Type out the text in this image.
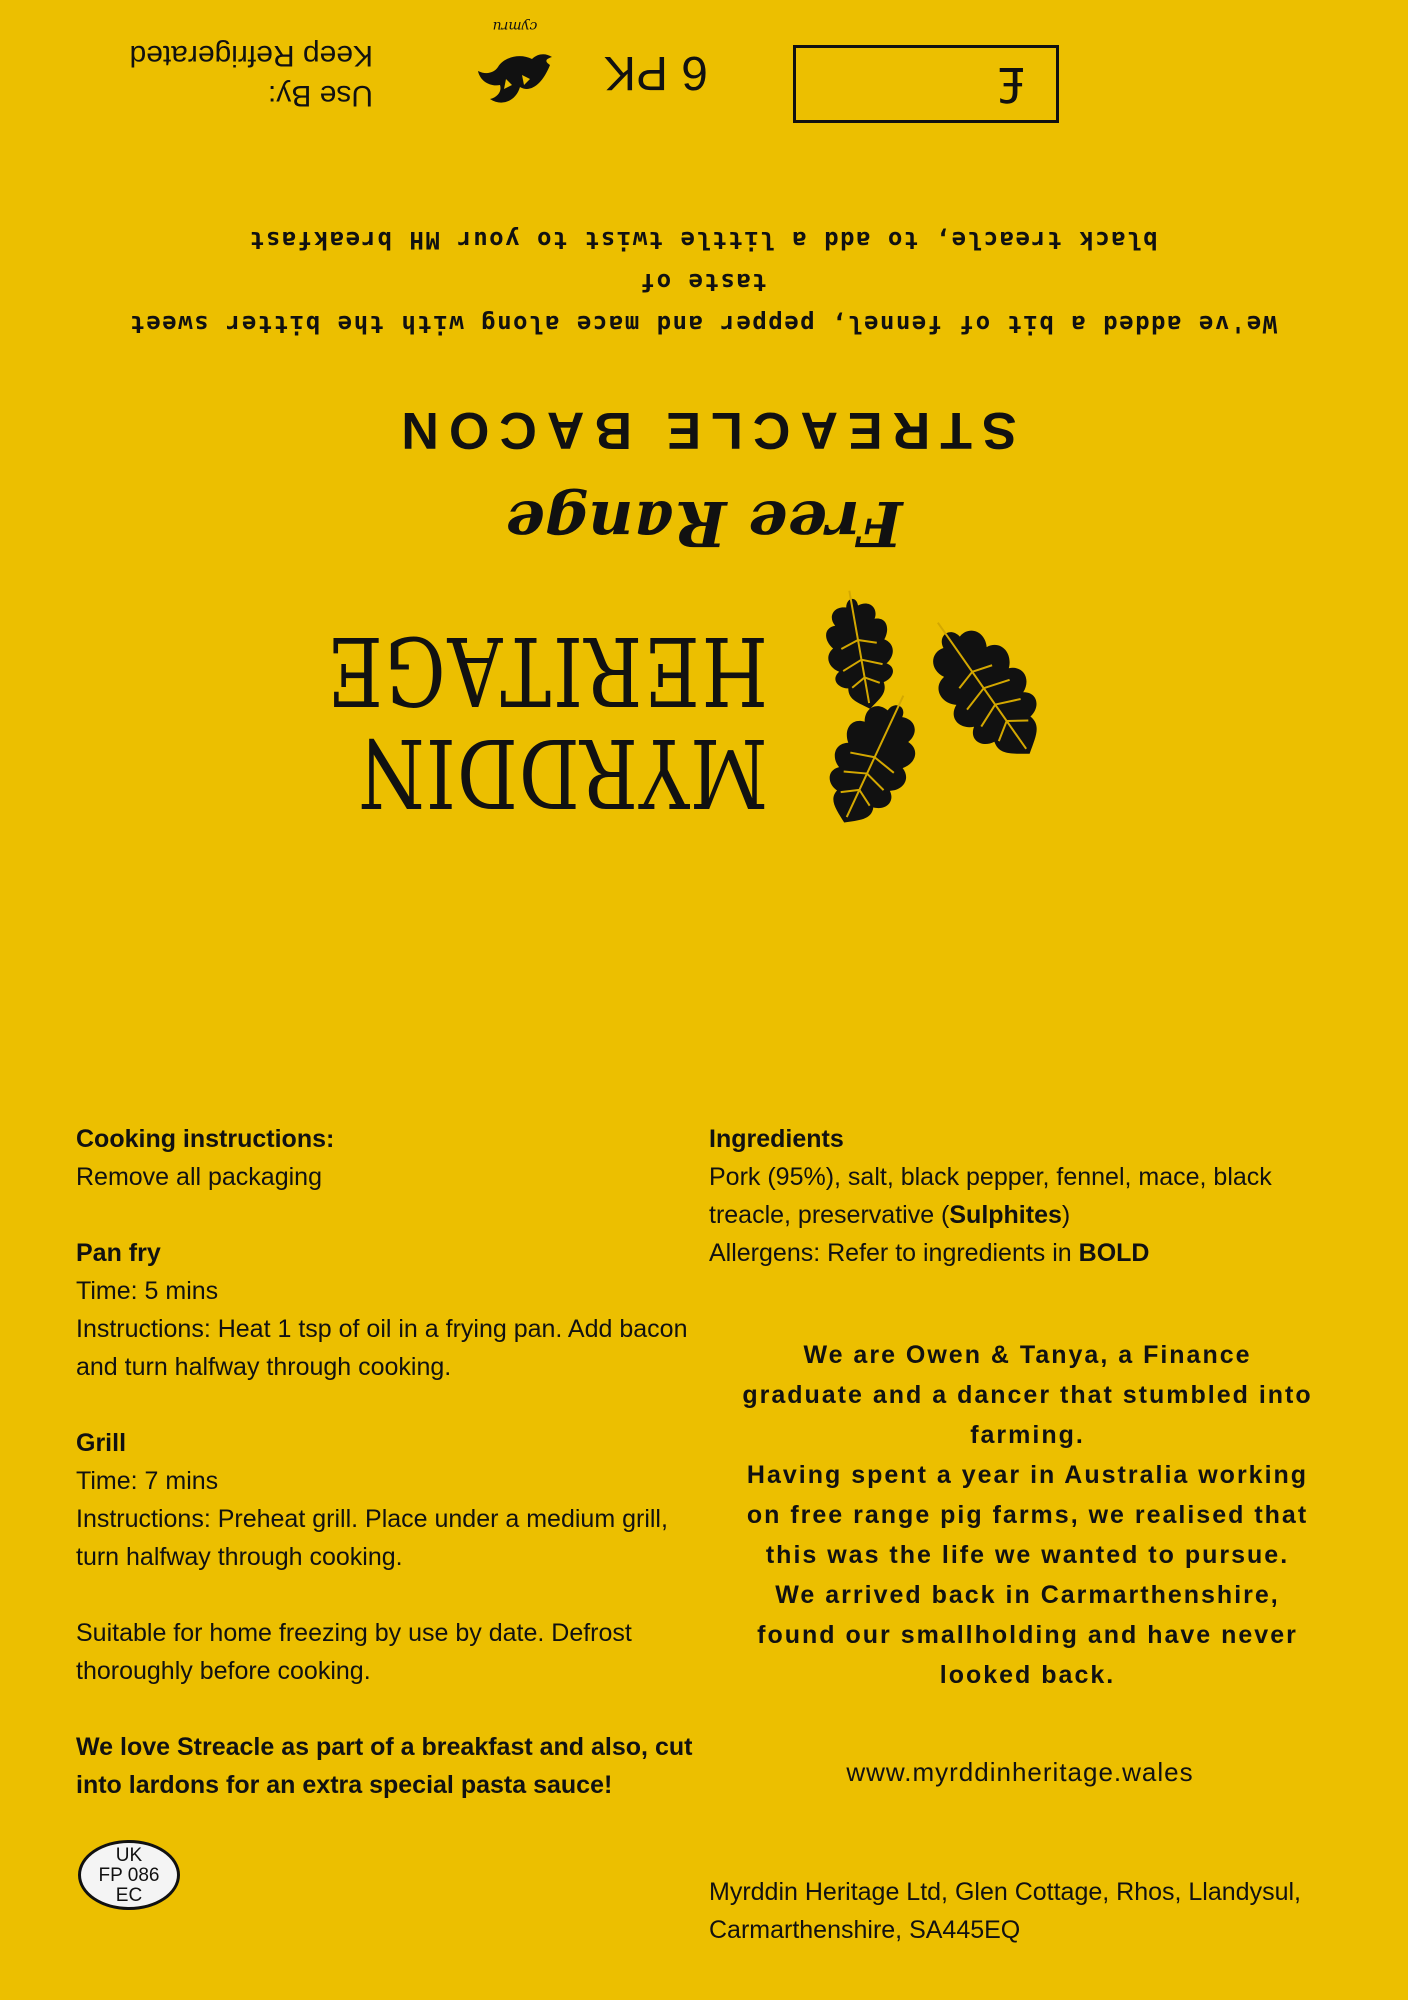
£
6 PK
cymru
Use By:
Keep Refrigerated
We've added a bit of fennel, pepper and mace along with the bitter sweet taste of
black treacle, to add a little twist to your MH breakfast
STREACLE BACON
Free Range
MYRDDIN
HERITAGE

Cooking instructions:

Remove all packaging

Pan fry

Time: 5 mins

Instructions: Heat 1 tsp of oil in a frying pan. Add bacon and turn halfway through cooking.

Grill

Time: 7 mins

Instructions: Preheat grill. Place under a medium grill, turn halfway through cooking.

Suitable for home freezing by use by date. Defrost thoroughly before cooking.

We love Streacle as part of a breakfast and also, cut into lardons for an extra special pasta sauce!

Ingredients
Pork (95%), salt, black pepper, fennel, mace, black treacle, preservative (Sulphites)
Allergens: Refer to ingredients in BOLD
We are Owen & Tanya, a Finance graduate and a dancer that stumbled into farming.
Having spent a year in Australia working on free range pig farms, we realised that this was the life we wanted to pursue.
We arrived back in Carmarthenshire, found our smallholding and have never looked back.
www.myrddinheritage.wales
UK
FP 086
EC	Myrddin Heritage Ltd, Glen Cottage, Rhos, Llandysul,
Carmarthenshire, SA445EQ
